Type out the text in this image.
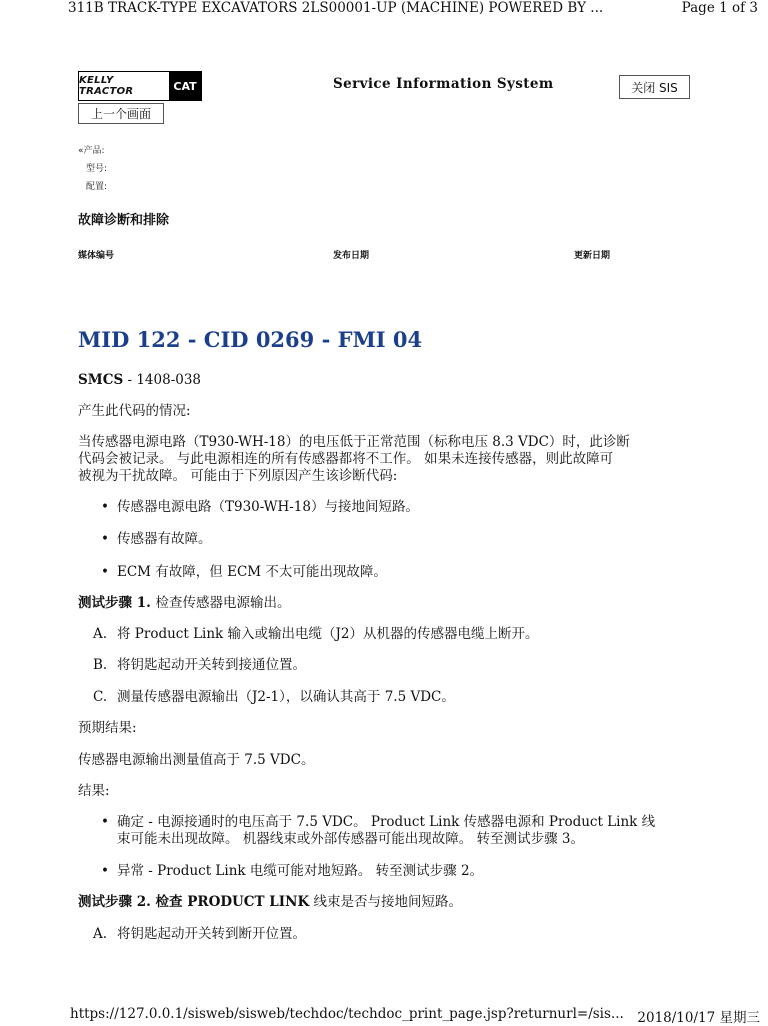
311B TRACK-TYPE EXCAVATORS 2LS00001-UP (MACHINE) POWERED BY ...	Page 1 of 3
KELLY TRACTOR	CAT	Service Information System	关闭 SIS
上一个画面
«产品:
型号:
配置:
故障诊断和排除
媒体编号	发布日期	更新日期
MID 122 - CID 0269 - FMI 04
SMCS - 1408-038
产生此代码的情况:
当传感器电源电路（T930-WH-18）的电压低于正常范围（标称电压 8.3 VDC）时，此诊断
代码会被记录。 与此电源相连的所有传感器都将不工作。 如果未连接传感器，则此故障可
被视为干扰故障。 可能由于下列原因产生该诊断代码:
• 传感器电源电路（T930-WH-18）与接地间短路。
• 传感器有故障。
• ECM 有故障，但 ECM 不太可能出现故障。
测试步骤 1. 检查传感器电源输出。
A. 将 Product Link 输入或输出电缆（J2）从机器的传感器电缆上断开。
B. 将钥匙起动开关转到接通位置。
C. 测量传感器电源输出（J2-1），以确认其高于 7.5 VDC。
预期结果:
传感器电源输出测量值高于 7.5 VDC。
结果:
• 确定 - 电源接通时的电压高于 7.5 VDC。 Product Link 传感器电源和 Product Link 线
束可能未出现故障。 机器线束或外部传感器可能出现故障。 转至测试步骤 3。
• 异常 - Product Link 电缆可能对地短路。 转至测试步骤 2。
测试步骤 2. 检查 PRODUCT LINK 线束是否与接地间短路。
A. 将钥匙起动开关转到断开位置。
https://127.0.0.1/sisweb/sisweb/techdoc/techdoc_print_page.jsp?returnurl=/sis... 2018/10/17 星期三
